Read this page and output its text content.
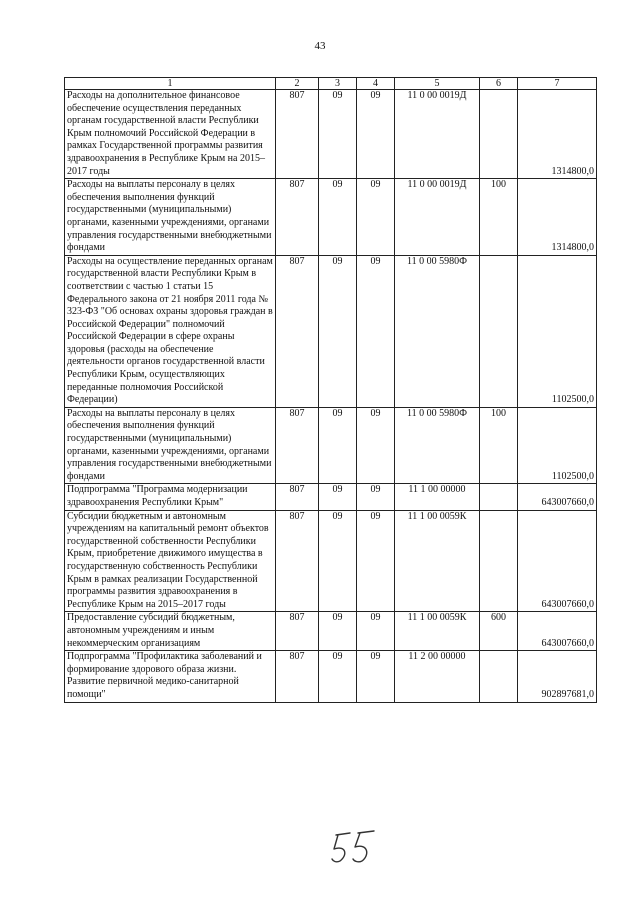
43
1	2	3	4	5	6	7
Расходы на дополнительное финансовое обеспечение осуществления переданных органам государственной власти Республики Крым полномочий Российской Федерации в рамках Государственной программы развития здравоохранения в Республике Крым на 2015–2017 годы	807	09	09	11 0 00 0019Д		1314800,0
Расходы на выплаты персоналу в целях обеспечения выполнения функций государственными (муниципальными) органами, казенными учреждениями, органами управления государственными внебюджетными фондами	807	09	09	11 0 00 0019Д	100	1314800,0
Расходы на осуществление переданных органам государственной власти Республики Крым в соответствии с частью 1 статьи 15 Федерального закона от 21 ноября 2011 года № 323-ФЗ "Об основах охраны здоровья граждан в Российской Федерации" полномочий Российской Федерации в сфере охраны здоровья (расходы на обеспечение деятельности органов государственной власти Республики Крым, осуществляющих переданные полномочия Российской Федерации)	807	09	09	11 0 00 5980Ф		1102500,0
Расходы на выплаты персоналу в целях обеспечения выполнения функций государственными (муниципальными) органами, казенными учреждениями, органами управления государственными внебюджетными фондами	807	09	09	11 0 00 5980Ф	100	1102500,0
Подпрограмма "Программа модернизации здравоохранения Республики Крым"	807	09	09	11 1 00 00000		643007660,0
Субсидии бюджетным и автономным учреждениям на капитальный ремонт объектов государственной собственности Республики Крым, приобретение движимого имущества в государственную собственность Республики Крым в рамках реализации Государственной программы развития здравоохранения в Республике Крым на 2015–2017 годы	807	09	09	11 1 00 0059К		643007660,0
Предоставление субсидий бюджетным, автономным учреждениям и иным некоммерческим организациям	807	09	09	11 1 00 0059К	600	643007660,0
Подпрограмма "Профилактика заболеваний и формирование здорового образа жизни. Развитие первичной медико-санитарной помощи"	807	09	09	11 2 00 00000		902897681,0
